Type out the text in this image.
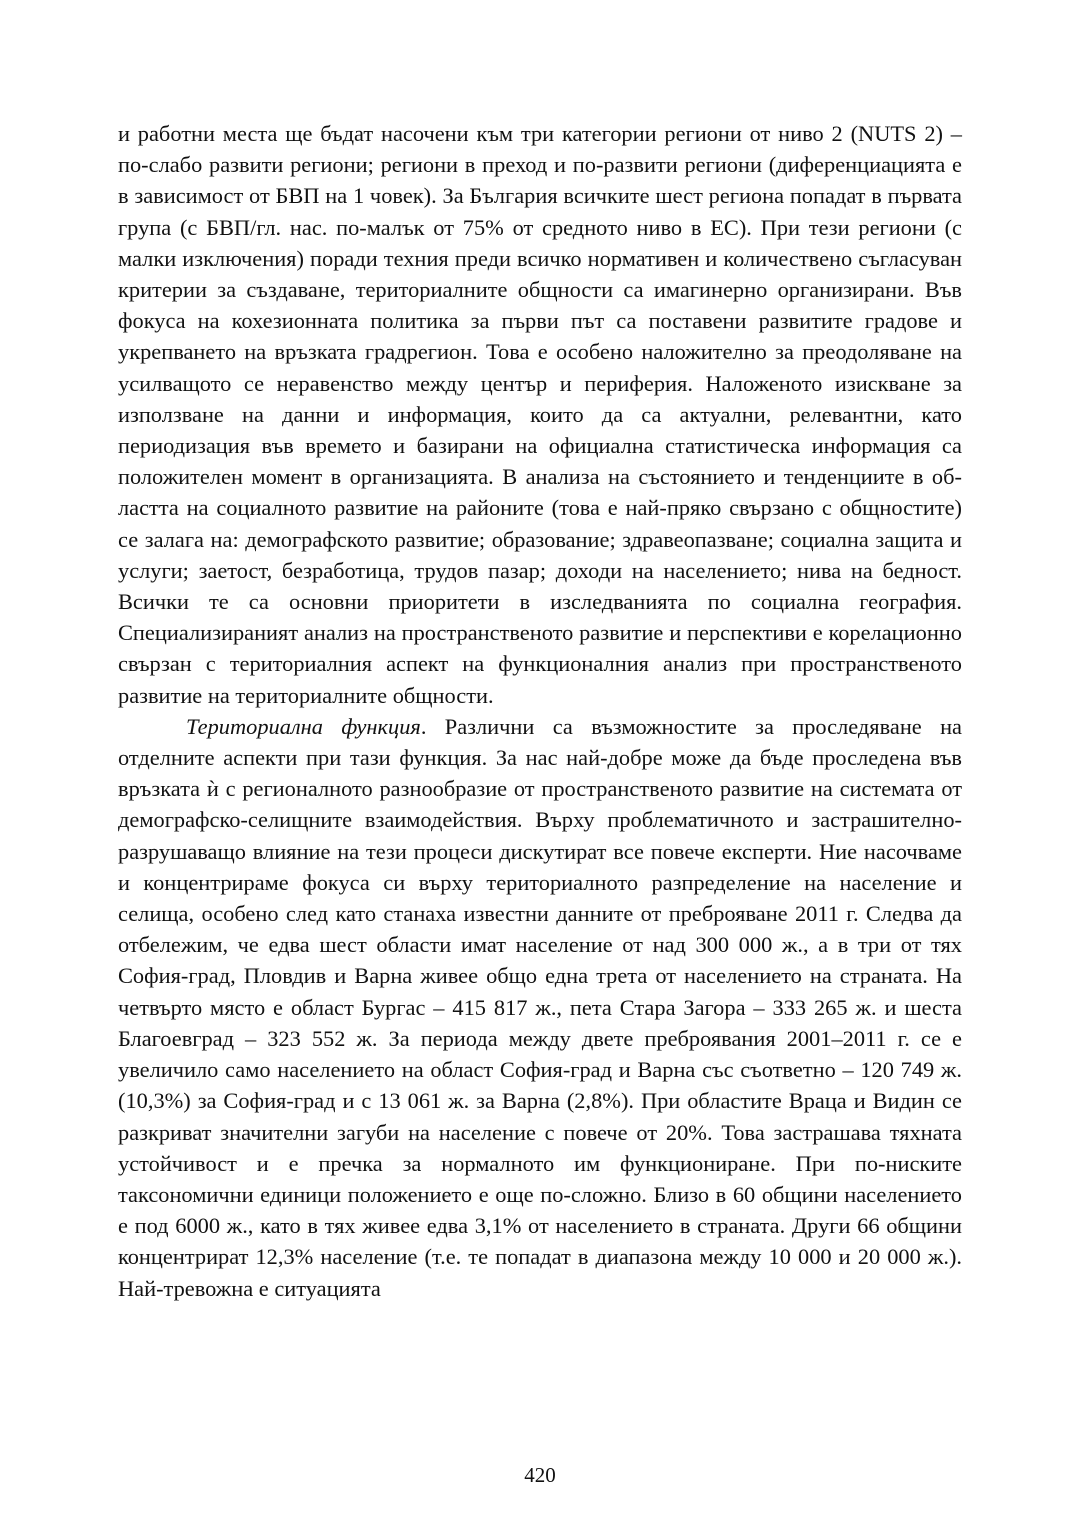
и работни места ще бъдат насочени към три категории региони от ниво 2 (NUTS 2) – по-слабо развити региони; региони в преход и по-развити региони (диференциацията е в зависимост от БВП на 1 човек). За България всичките шест региона попадат в първата група (с БВП/гл. нас. по-малък от 75% от средното ниво в ЕС). При тези региони (с малки изключения) поради техния преди всичко нормативен и количествено съгласуван критерии за създаване, териториалните общности са имагинерно организирани. Във фокуса на кохезионната политика за първи път са поставени развитите градове и укрепването на връзката градрегион. Това е особено наложително за преодоляване на усилващото се неравенство между център и периферия. Наложеното изискване за използване на данни и информация, които да са актуални, релевантни, като периодизация във времето и базирани на официална статистическа информация са положителен момент в организацията. В анализа на състоянието и тенденциите в областта на социалното развитие на районите (това е най-пряко свързано с общностите) се залага на: демографското развитие; образование; здравеопазване; социална защита и услуги; заетост, безработица, трудов пазар; доходи на населението; нива на бедност. Всички те са основни приоритети в изследванията по социална география. Специализираният анализ на пространственото развитие и перспективи е корелационно свързан с териториалния аспект на функционалния анализ при пространственото развитие на териториалните общности.

Териториална функция. Различни са възможностите за проследяване на отделните аспекти при тази функция. За нас най-добре може да бъде проследена във връзката ѝ с регионалното разнообразие от пространственото развитие на системата от демографско-селищните взаимодействия. Върху проблематичното и застрашително-разрушаващо влияние на тези процеси дискутират все повече експерти. Ние насочваме и концентрираме фокуса си върху териториалното разпределение на население и селища, особено след като станаха известни данните от преброяване 2011 г. Следва да отбележим, че едва шест области имат население от над 300 000 ж., а в три от тях София-град, Пловдив и Варна живее общо една трета от населението на страната. На четвърто място е област Бургас – 415 817 ж., пета Стара Загора – 333 265 ж. и шеста Благоевград – 323 552 ж. За периода между двете преброявания 2001–2011 г. се е увеличило само населението на област София-град и Варна със съответно – 120 749 ж. (10,3%) за София-град и с 13 061 ж. за Варна (2,8%). При областите Враца и Видин се разкриват значителни загуби на население с повече от 20%. Това застрашава тяхната устойчивост и е пречка за нормалното им функциониране. При по-ниските таксономични единици положението е още по-сложно. Близо в 60 общини населението е под 6000 ж., като в тях живее едва 3,1% от населението в страната. Други 66 общини концентрират 12,3% население (т.е. те попадат в диапазона между 10 000 и 20 000 ж.). Най-тревожна е ситуацията

420
